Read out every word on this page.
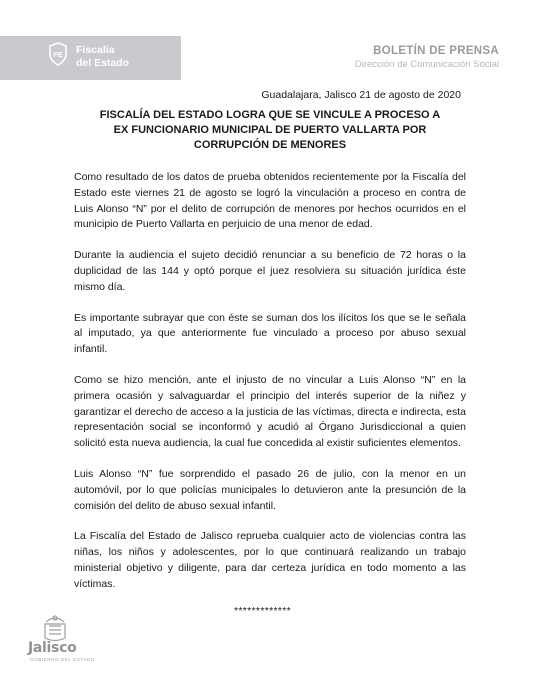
FE Fiscalía
del Estado
BOLETÍN DE PRENSA
Dirección de Comunicación Social
Guadalajara, Jalisco 21 de agosto de 2020
FISCALÍA DEL ESTADO LOGRA QUE SE VINCULE A PROCESO A EX FUNCIONARIO MUNICIPAL DE PUERTO VALLARTA POR CORRUPCIÓN DE MENORES

Como resultado de los datos de prueba obtenidos recientemente por la Fiscalía del Estado este viernes 21 de agosto se logró la vinculación a proceso en contra de Luis Alonso “N” por el delito de corrupción de menores por hechos ocurridos en el municipio de Puerto Vallarta en perjuicio de una menor de edad.

Durante la audiencia el sujeto decidió renunciar a su beneficio de 72 horas o la duplicidad de las 144 y optó porque el juez resolviera su situación jurídica éste mismo día.

Es importante subrayar que con éste se suman dos los ilícitos los que se le señala al imputado, ya que anteriormente fue vinculado a proceso por abuso sexual infantil.

Como se hizo mención, ante el injusto de no vincular a Luis Alonso “N” en la primera ocasión y salvaguardar el principio del interés superior de la niñez y garantizar el derecho de acceso a la justicia de las víctimas, directa e indirecta, esta representación social se inconformó y acudió al Órgano Jurisdiccional a quien solicitó esta nueva audiencia, la cual fue concedida al existir suficientes elementos.

Luis Alonso “N” fue sorprendido el pasado 26 de julio, con la menor en un automóvil, por lo que policías municipales lo detuvieron ante la presunción de la comisión del delito de abuso sexual infantil.

La Fiscalía del Estado de Jalisco repruebа cualquier acto de violencias contra las niñas, los niños y adolescentes, por lo que continuará realizando un trabajo ministerial objetivo y diligente, para dar certeza jurídica en todo momento a las víctimas.

*************
Jalisco
GOBIERNO DEL ESTADO
